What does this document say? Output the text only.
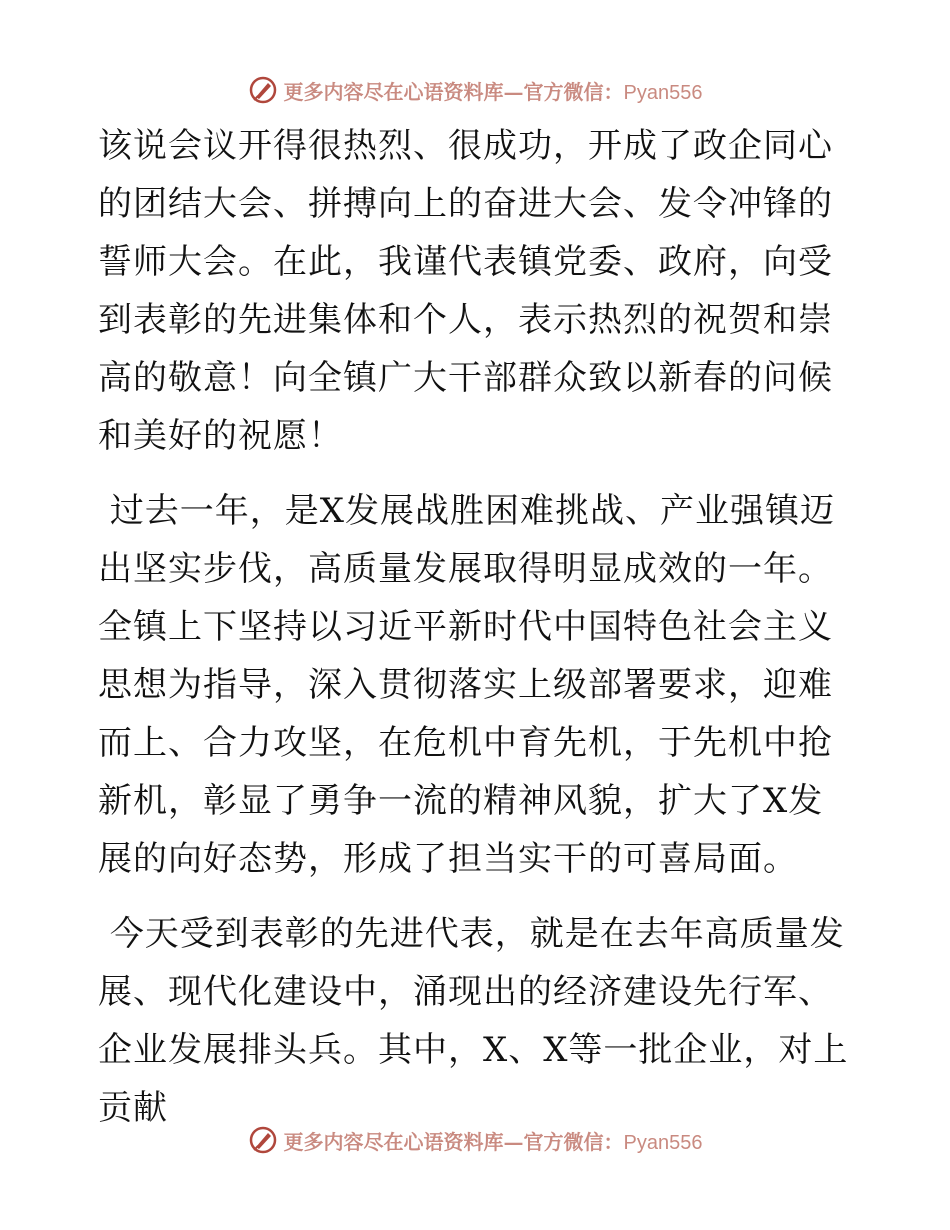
更多内容尽在心语资料库—官方微信：Pyan556

该说会议开得很热烈、很成功，开成了政企同心的团结大会、拼搏向上的奋进大会、发令冲锋的誓师大会。在此，我谨代表镇党委、政府，向受到表彰的先进集体和个人，表示热烈的祝贺和崇高的敬意！向全镇广大干部群众致以新春的问候和美好的祝愿！

过去一年，是X发展战胜困难挑战、产业强镇迈出坚实步伐，高质量发展取得明显成效的一年。全镇上下坚持以习近平新时代中国特色社会主义思想为指导，深入贯彻落实上级部署要求，迎难而上、合力攻坚，在危机中育先机，于先机中抢新机，彰显了勇争一流的精神风貌，扩大了X发展的向好态势，形成了担当实干的可喜局面。

今天受到表彰的先进代表，就是在去年高质量发展、现代化建设中，涌现出的经济建设先行军、企业发展排头兵。其中，X、X等一批企业，对上贡献

更多内容尽在心语资料库—官方微信：Pyan556
